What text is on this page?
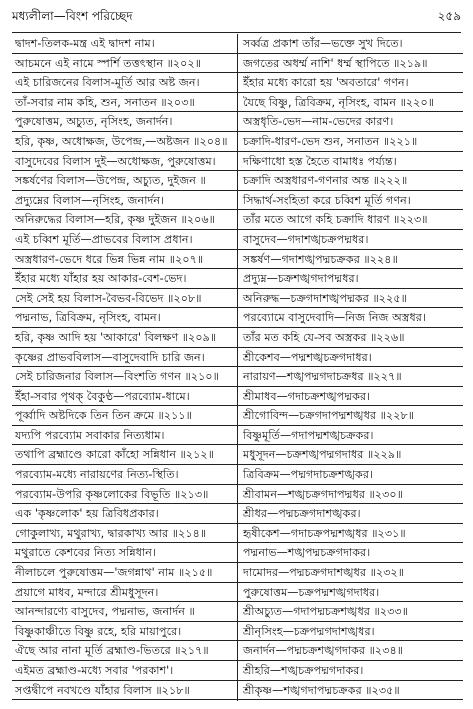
মধ্যলীলা—বিংশ পরিচ্ছেদ	২৫৯
দ্বাদশ-তিলক-মন্ত্র এই দ্বাদশ নাম।
আচমনে এই নামে স্পর্শি তত্তৎস্থান ॥২০২॥
এই চারিজনের বিলাস-মূর্তি আর অষ্ট জন।
তাঁ-সবার নাম কহি, শুন, সনাতন ॥২০৩॥
পুরুষোত্তম, অচ্যুত, নৃসিংহ, জনার্দন।
হরি, কৃষ্ণ, অধোক্ষজ, উপেন্দ্র,—অষ্টজন ॥২০৪॥
বাসুদেবের বিলাস দুই—অধোক্ষজ, পুরুষোত্তম।
সঙ্কর্ষণের বিলাস—উপেন্দ্র, অচ্যুত, দুইজন ॥
প্রদ্যুম্নের বিলাস—নৃসিংহ, জনার্দন।
অনিরুদ্ধের বিলাস—হরি, কৃষ্ণ দুইজন ॥২০৬॥
এই চব্বিশ মূর্তি—প্রাভবের বিলাস প্রধান।
অস্ত্রধারণ-ভেদে ধরে ভিন্ন ভিন্ন নাম ॥২০৭॥
ইঁহার মধ্যে যাঁহার হয় আকার-বেশ-ভেদ।
সেই সেই হয় বিলাস-বৈভব-বিভেদ ॥২০৮॥
পদ্মনাভ, ত্রিবিক্রম, নৃসিংহ, বামন।
হরি, কৃষ্ণ আদি হয় 'আকারে' বিলক্ষণ ॥২০৯॥
কৃষ্ণের প্রাভববিলাস—বাসুদেবাদি চারি জন।
সেই চারিজনার বিলাস—বিংশতি গণন ॥২১০॥
ইঁহা-সবার পৃথক্ বৈকুণ্ঠ—পরব্যোম-ধামে।
পূর্ব্বাদি অষ্টদিকে তিন তিন ক্রমে ॥২১১॥
যদ্যপি পরব্যোম সবাকার নিত্যধাম।
তথাপি ব্রহ্মাণ্ডে কারো কাঁহো সন্নিধান ॥২১২॥
পরব্যোম-মধ্যে নারায়ণের নিত্য-স্থিতি।
পরব্যোম-উপরি কৃষ্ণলোকের বিভূতি ॥২১৩॥
এক 'কৃষ্ণলোক' হয় ত্রিবিধপ্রকার।
গোকুলাখ্য, মথুরাখ্য, দ্বারকাখ্য আর ॥২১৪॥
মথুরাতে কেশবের নিত্য সন্নিধান।
নীলাচলে পুরুষোত্তম—'জগন্নাথ' নাম ॥২১৫॥
প্রয়াগে মাধব, মন্দারে শ্রীমধুসূদন।
আনন্দারণ্যে বাসুদেব, পদ্মনাভ, জনার্দন ॥
বিষ্ণুকাঞ্চীতে বিষ্ণু রহে, হরি মায়াপুরে।
ঐছে আর নানা মূর্তি ব্রহ্মাণ্ড-ভিতরে ॥২১৭॥
এইমত ব্রহ্মাণ্ড-মধ্যে সবার 'পরকাশ'।
সপ্তদ্বীপে নবখণ্ডে যাঁহার বিলাস ॥২১৮॥
সর্ব্বত্র প্রকাশ তাঁর—ভক্তে সুখ দিতে।
জগতের অধর্ম্ম নাশি' ধর্ম্ম স্থাপিতে ॥২১৯॥
ইঁহার মধ্যে কারো হয় 'অবতারে' গণন।
যৈছে বিষ্ণু, ত্রিবিক্রম, নৃসিংহ, বামন ॥২২০॥
অস্ত্রধৃতি-ভেদ—নাম-ভেদের কারণ।
চক্রাদি-ধারণ-ভেদ শুন, সনাতন ॥২২১॥
দক্ষিণাধো হস্ত হৈতে বামাধঃ পর্য্যন্ত।
চক্রাদি অস্ত্রধারণ-গণনার অন্ত ॥২২২॥
সিদ্ধার্থ-সংহিতা করে চব্বিশ মূর্তি গণন।
তাঁর মতে আগে কহি চক্রাদি ধারণ ॥২২৩॥
বাসুদেব—গদাশঙ্খচক্রপদ্মধর।
সঙ্কর্ষণ—গদাশঙ্খপদ্মচক্রকর ॥২২৪॥
প্রদ্যুম্ন—চক্রশঙ্খগদাপদ্মধর।
অনিরুদ্ধ—চক্রগদাশঙ্খপদ্মকর ॥২২৫॥
পরব্যোমে বাসুদেবাদি—নিজ নিজ অস্ত্রধর।
তাঁর মত কহি যে-সব অস্ত্রকর ॥২২৬॥
শ্রীকেশব—পদ্মশঙ্খচক্রগদাধর।
নারায়ণ—শঙ্খপদ্মগদাচক্রধর ॥২২৭॥
শ্রীমাধব—গদাচক্রশঙ্খপদ্মকর।
শ্রীগোবিন্দ—চক্রগদাপদ্মশঙ্খধর ॥২২৮॥
বিষ্ণুমূর্তি—গদাপদ্মশঙ্খচক্রকর।
মধুসূদন—চক্রশঙ্খপদ্মগদাধর ॥২২৯॥
ত্রিবিক্রম—পদ্মগদাচক্রশঙ্খকর।
শ্রীবামন—শঙ্খচক্রগদাপদ্মধর ॥২৩০॥
শ্রীধর—পদ্মচক্রগদাশঙ্খকর।
হৃষীকেশ—গদাচক্রপদ্মশঙ্খধর ॥২৩১॥
পদ্মনাভ—শঙ্খপদ্মচক্রগদাকর।
দামোদর—পদ্মচক্রগদাশঙ্খধর ॥২৩২॥
পুরুষোত্তম—চক্রপদ্মশঙ্খগদাধর।
শ্রীঅচ্যুত—গদাপদ্মচক্রশঙ্খধর ॥২৩৩॥
শ্রীনৃসিংহ—চক্রপদ্মগদাশঙ্খধর।
জনার্দন—পদ্মচক্রশঙ্খগদাকর ॥২৩৪॥
শ্রীহরি—শঙ্খচক্রপদ্মগদাকর।
শ্রীকৃষ্ণ—শঙ্খগদাপদ্মচক্রকর ॥২৩৫॥
